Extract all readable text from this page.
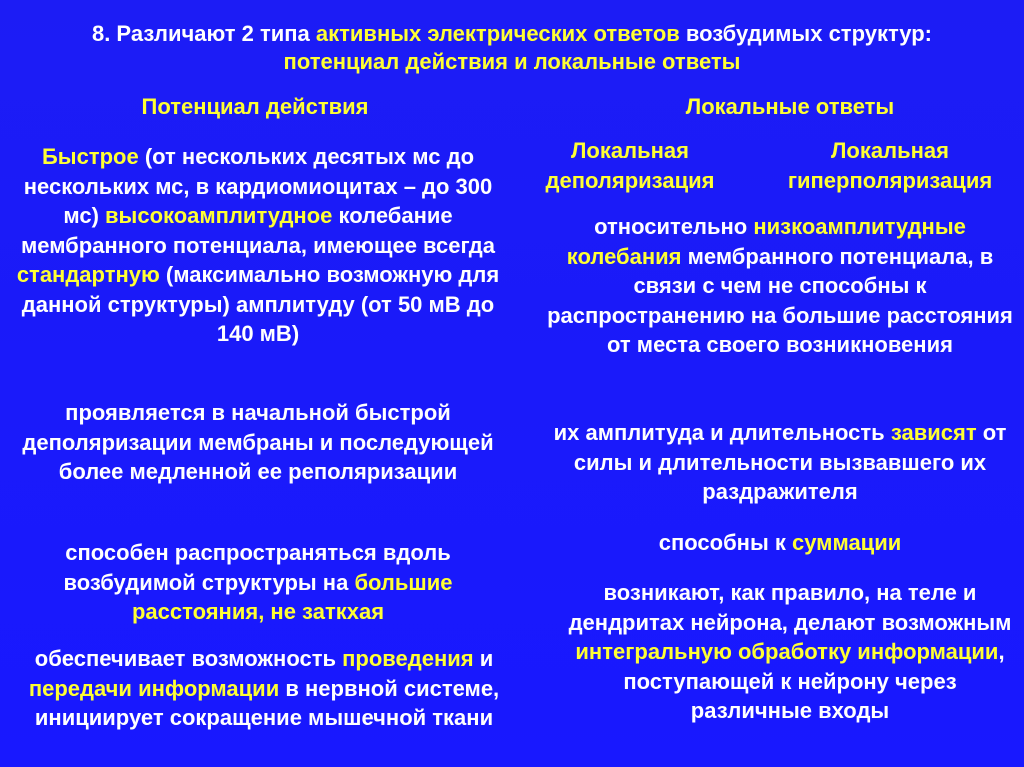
8. Различают 2 типа активных электрических ответов возбудимых структур:
потенциал действия и локальные ответы
Потенциал действия	Локальные ответы
Быстрое (от нескольких десятых мс до нескольких мс, в кардиомиоцитах – до 300 мс) высокоамплитудное колебание мембранного потенциала, имеющее всегда стандартную (максимально возможную для данной структуры) амплитуду (от 50 мВ до 140 мВ)
проявляется в начальной быстрой деполяризации мембраны и последующей более медленной ее реполяризации
способен распространяться вдоль возбудимой структуры на большие расстояния, не заткхая
обеспечивает возможность проведения и передачи информации в нервной системе, инициирует сокращение мышечной ткани
Локальная деполяризация
Локальная гиперполяризация
относительно низкоамплитудные колебания мембранного потенциала, в связи с чем не способны к распространению на большие расстояния от места своего возникновения
их амплитуда и длительность зависят от силы и длительности вызвавшего их раздражителя
способны к суммации
возникают, как правило, на теле и дендритах нейрона, делают возможным интегральную обработку информации, поступающей к нейрону через различные входы
